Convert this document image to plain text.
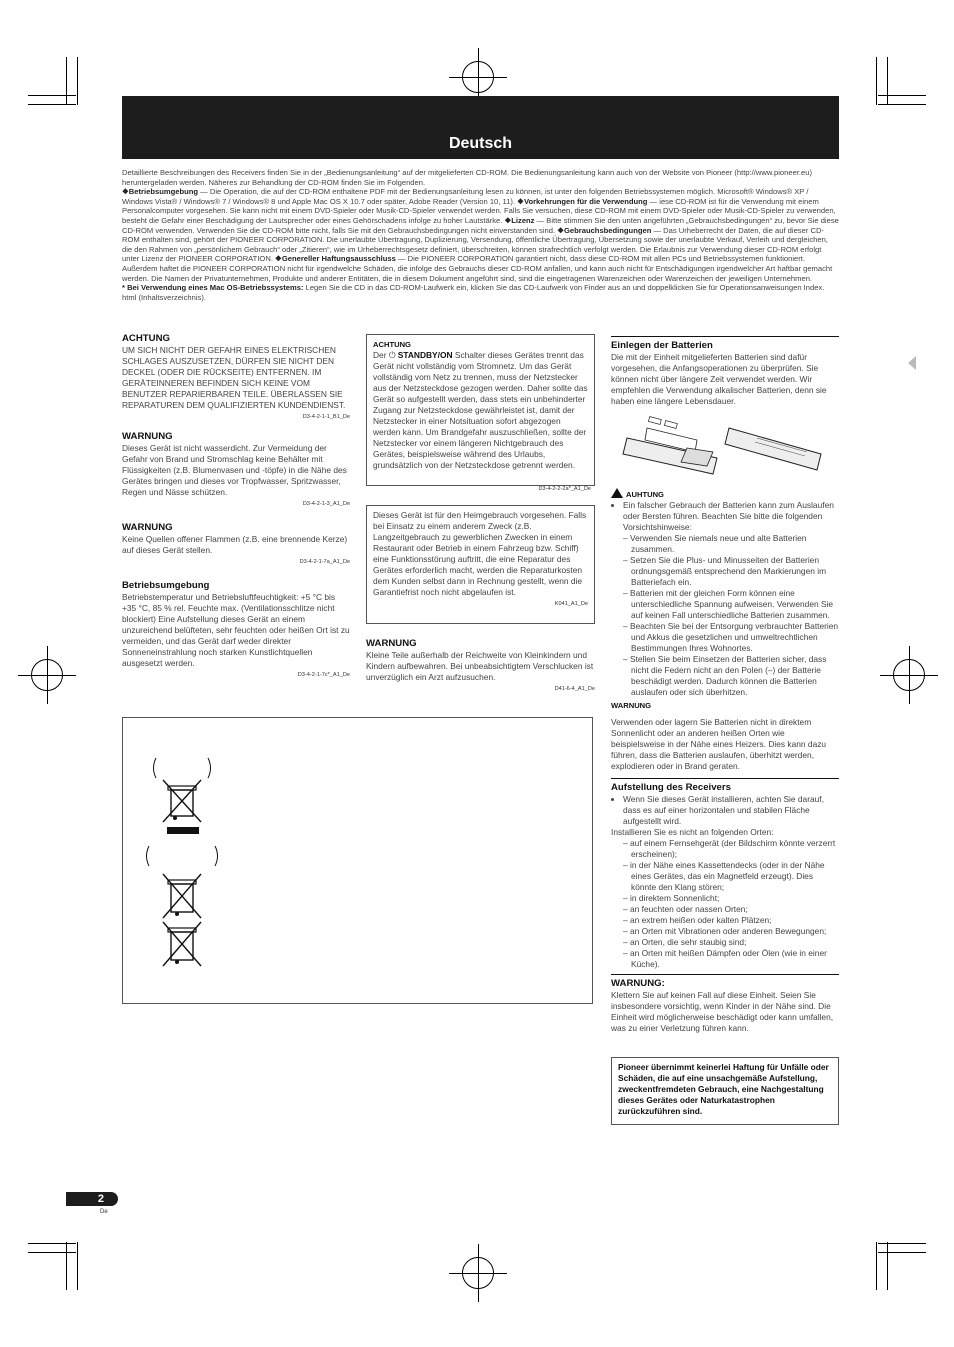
Deutsch

Detaillierte Beschreibungen des Receivers finden Sie in der „Bedienungsanleitung“ auf der mitgelieferten CD-ROM. Die Bedienungsanleitung kann auch von der Website von Pioneer (http://www.pioneer.eu) heruntergeladen werden. Näheres zur Behandlung der CD-ROM finden Sie im Folgenden.

❖Betriebsumgebung — Die Operation, die auf der CD-ROM enthaltene PDF mit der Bedienungsanleitung lesen zu können, ist unter den folgenden Betriebssystemen möglich. Microsoft® Windows® XP / Windows Vista® / Windows® 7 / Windows® 8 und Apple Mac OS X 10.7 oder später, Adobe Reader (Version 10, 11). ❖Vorkehrungen für die Verwendung — iese CD-ROM ist für die Verwendung mit einem Personalcomputer vorgesehen. Sie kann nicht mit einem DVD-Spieler oder Musik-CD-Spieler verwendet werden. Falls Sie versuchen, diese CD-ROM mit einem DVD-Spieler oder Musik-CD-Spieler zu verwenden, besteht die Gefahr einer Beschädigung der Lautsprecher oder eines Gehörschadens infolge zu hoher Lautstärke. ❖Lizenz — Bitte stimmen Sie den unten angeführten „Gebrauchsbedingungen“ zu, bevor Sie diese CD-ROM verwenden. Verwenden Sie die CD-ROM bitte nicht, falls Sie mit den Gebrauchsbedingungen nicht einverstanden sind. ❖Gebrauchsbedingungen — Das Urheberrecht der Daten, die auf dieser CD-ROM enthalten sind, gehört der PIONEER CORPORATION. Die unerlaubte Übertragung, Duplizierung, Versendung, öffentliche Übertragung, Übersetzung sowie der unerlaubte Verkauf, Verleih und dergleichen, die den Rahmen von „persönlichem Gebrauch“ oder „Zitieren“, wie im Urheberrechtsgesetz definiert, überschreiten, können strafrechtlich verfolgt werden. Die Erlaubnis zur Verwendung dieser CD-ROM erfolgt unter Lizenz der PIONEER CORPORATION. ❖Genereller Haftungsausschluss — Die PIONEER CORPORATION garantiert nicht, dass diese CD-ROM mit allen PCs und Betriebssystemen funktioniert. Außerdem haftet die PIONEER CORPORATION nicht für irgendwelche Schäden, die infolge des Gebrauchs dieser CD-ROM anfallen, und kann auch nicht für Entschädigungen irgendwelcher Art haftbar gemacht werden. Die Namen der Privatunternehmen, Produkte und anderer Entitäten, die in diesem Dokument angeführt sind, sind die eingetragenen Warenzeichen oder Warenzeichen der jeweiligen Unternehmen.

* Bei Verwendung eines Mac OS-Betriebssystems: Legen Sie die CD in das CD-ROM-Laufwerk ein, klicken Sie das CD-Laufwerk von Finder aus an und doppelklicken Sie für Operationsanweisungen Index. html (Inhaltsverzeichnis).

ACHTUNG
UM SICH NICHT DER GEFAHR EINES ELEKTRISCHEN SCHLAGES AUSZUSETZEN, DÜRFEN SIE NICHT DEN DECKEL (ODER DIE RÜCKSEITE) ENTFERNEN. IM GERÄTEINNEREN BEFINDEN SICH KEINE VOM BENUTZER REPARIERBAREN TEILE. ÜBERLASSEN SIE REPARATUREN DEM QUALIFIZIERTEN KUNDENDIENST.
D3-4-2-1-1_B1_De
WARNUNG
Dieses Gerät ist nicht wasserdicht. Zur Vermeidung der Gefahr von Brand und Stromschlag keine Behälter mit Flüssigkeiten (z.B. Blumenvasen und -töpfe) in die Nähe des Gerätes bringen und dieses vor Tropfwasser, Spritzwasser, Regen und Nässe schützen.
D3-4-2-1-3_A1_De
WARNUNG
Keine Quellen offener Flammen (z.B. eine brennende Kerze) auf dieses Gerät stellen.
D3-4-2-1-7a_A1_De
Betriebsumgebung
Betriebstemperatur und Betriebsluftfeuchtigkeit: +5 °C bis +35 °C, 85 % rel. Feuchte max. (Ventilationsschlitze nicht blockiert) Eine Aufstellung dieses Gerät an einem unzureichend belüfteten, sehr feuchten oder heißen Ort ist zu vermeiden, und das Gerät darf weder direkter Sonneneinstrahlung noch starken Kunstlichtquellen ausgesetzt werden.
D3-4-2-1-7c*_A1_De
ACHTUNG
Der ⏻ STANDBY/ON Schalter dieses Gerätes trennt das Gerät nicht vollständig vom Stromnetz. Um das Gerät vollständig vom Netz zu trennen, muss der Netzstecker aus der Netzsteckdose gezogen werden. Daher sollte das Gerät so aufgestellt werden, dass stets ein unbehinderter Zugang zur Netzsteckdose gewährleistet ist, damit der Netzstecker in einer Notsituation sofort abgezogen werden kann. Um Brandgefahr auszuschließen, sollte der Netzstecker vor einem längeren Nichtgebrauch des Gerätes, beispielsweise während des Urlaubs, grundsätzlich von der Netzsteckdose getrennt werden.
D3-4-2-2-2a*_A1_De
Dieses Gerät ist für den Heimgebrauch vorgesehen. Falls bei Einsatz zu einem anderem Zweck (z.B. Langzeitgebrauch zu gewerblichen Zwecken in einem Restaurant oder Betrieb in einem Fahrzeug bzw. Schiff) eine Funktionsstörung auftritt, die eine Reparatur des Gerätes erforderlich macht, werden die Reparaturkosten dem Kunden selbst dann in Rechnung gestellt, wenn die Garantiefrist noch nicht abgelaufen ist.
K041_A1_De
WARNUNG
Kleine Teile außerhalb der Reichweite von Kleinkindern und Kindern aufbewahren. Bei unbeabsichtigtem Verschlucken ist unverzüglich ein Arzt aufzusuchen.
D41-6-4_A1_De
Einlegen der Batterien
Die mit der Einheit mitgelieferten Batterien sind dafür vorgesehen, die Anfangsoperationen zu überprüfen. Sie können nicht über längere Zeit verwendet werden. Wir empfehlen die Verwendung alkalischer Batterien, denn sie haben eine längere Lebensdauer.
AUHTUNG
• Ein falscher Gebrauch der Batterien kann zum Auslaufen oder Bersten führen. Beachten Sie bitte die folgenden Vorsichtshinweise:
– Verwenden Sie niemals neue und alte Batterien zusammen.
– Setzen Sie die Plus- und Minusseiten der Batterien ordnungsgemäß entsprechend den Markierungen im Batteriefach ein.
– Batterien mit der gleichen Form können eine unterschiedliche Spannung aufweisen. Verwenden Sie auf keinen Fall unterschiedliche Batterien zusammen.
– Beachten Sie bei der Entsorgung verbrauchter Batterien und Akkus die gesetzlichen und umweltrechtlichen Bestimmungen Ihres Wohnortes.
– Stellen Sie beim Einsetzen der Batterien sicher, dass nicht die Federn nicht an den Polen (–) der Batterie beschädigt werden. Dadurch können die Batterien auslaufen oder sich überhitzen.
WARNUNG
Verwenden oder lagern Sie Batterien nicht in direktem Sonnenlicht oder an anderen heißen Orten wie beispielsweise in der Nähe eines Heizers. Dies kann dazu führen, dass die Batterien auslaufen, überhitzt werden, explodieren oder in Brand geraten.
Aufstellung des Receivers
• Wenn Sie dieses Gerät installieren, achten Sie darauf, dass es auf einer horizontalen und stabilen Fläche aufgestellt wird.
Installieren Sie es nicht an folgenden Orten:
– auf einem Fernsehgerät (der Bildschirm könnte verzerrt erscheinen);
– in der Nähe eines Kassettendecks (oder in der Nähe eines Gerätes, das ein Magnetfeld erzeugt). Dies könnte den Klang stören;
– in direktem Sonnenlicht;
– an feuchten oder nassen Orten;
– an extrem heißen oder kalten Plätzen;
– an Orten mit Vibrationen oder anderen Bewegungen;
– an Orten, die sehr staubig sind;
– an Orten mit heißen Dämpfen oder Ölen (wie in einer Küche).
WARNUNG:
Klettern Sie auf keinen Fall auf diese Einheit. Seien Sie insbesondere vorsichtig, wenn Kinder in der Nähe sind. Die Einheit wird möglicherweise beschädigt oder kann umfallen, was zu einer Verletzung führen kann.
Pioneer übernimmt keinerlei Haftung für Unfälle oder Schäden, die auf eine unsachgemäße Aufstellung, zweckentfremdeten Gebrauch, eine Nachgestaltung dieses Gerätes oder Naturkatastrophen zurückzuführen sind.
2
De
